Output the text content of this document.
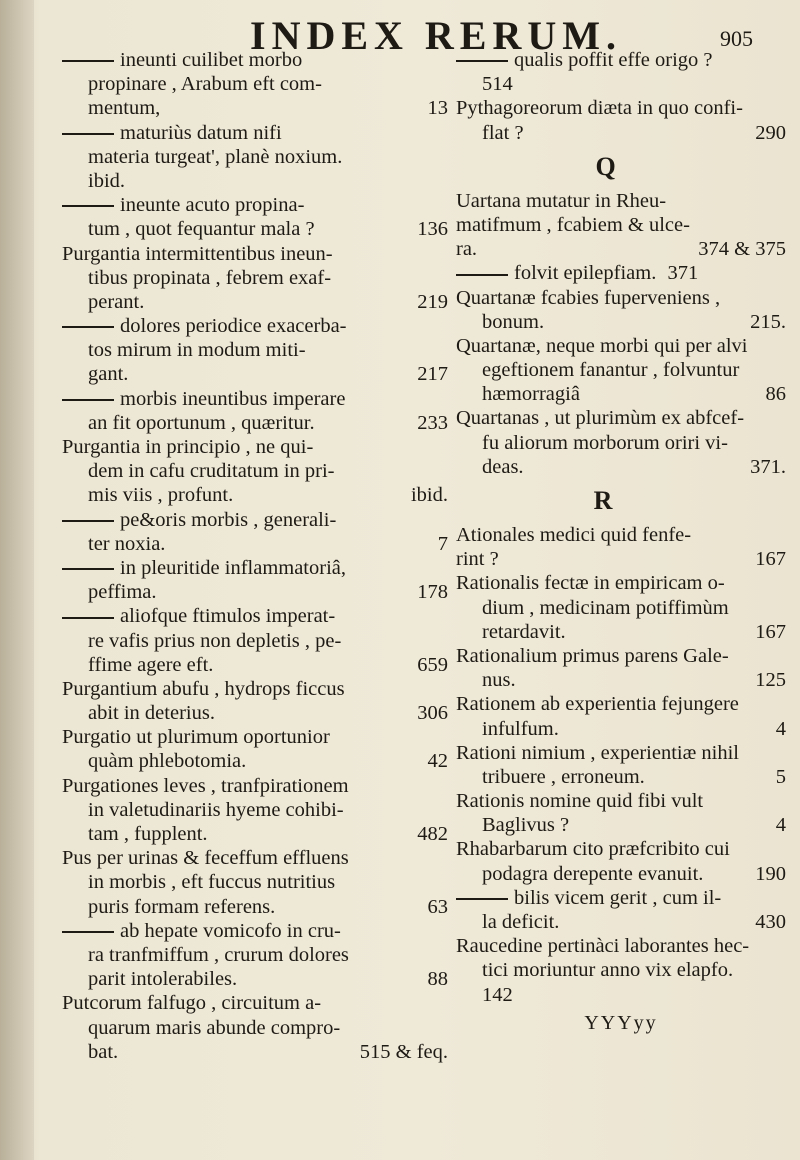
INDEX RERUM.	905
ineunti cuilibet morbo
propinare , Arabum eft com-
13
mentum,
maturiùs datum nifi
materia turgeat', planè noxium.
ibid.
ineunte acuto propina-
136
tum , quot fequantur mala ?
Purgantia intermittentibus ineun-
tibus propinata , febrem exaf-
219
perant.
dolores periodice exacerba-
tos mirum in modum miti-
217
gant.
morbis ineuntibus imperare
233
an fit oportunum , quæritur.
Purgantia in principio , ne qui-
dem in cafu cruditatum in pri-
ibid.
mis viis , profunt.
pe&oris morbis , generali-
7
ter noxia.
in pleuritide inflammatoriâ,
178
peffima.
aliofque ftimulos imperat-
re vafis prius non depletis , pe-
659
ffime agere eft.
Purgantium abufu , hydrops ficcus
306
abit in deterius.
Purgatio ut plurimum oportunior
42
quàm phlebotomia.
Purgationes leves , tranfpirationem
in valetudinariis hyeme cohibi-
482
tam , fupplent.
Pus per urinas & feceffum effluens
in morbis , eft fuccus nutritius
63
puris formam referens.
ab hepate vomicofo in cru-
ra tranfmiffum , crurum dolores
88
parit intolerabiles.
Putcorum falfugo , circuitum a-
quarum maris abunde compro-
515 & feq.
bat.
qualis poffit effe origo ?
514
Pythagoreorum diæta in quo confi-
290
flat ?
Q
Uartana mutatur in Rheu-
matifmum , fcabiem & ulce-
374 & 375
ra.
371
folvit epilepfiam.
Quartanæ fcabies fuperveniens ,
215.
bonum.
Quartanæ, neque morbi qui per alvi
egeftionem fanantur , folvuntur
86
hæmorragiâ
Quartanas , ut plurimùm ex abfcef-
fu aliorum morborum oriri vi-
371.
deas.
R
Ationales medici quid fenfe-
167
rint ?
Rationalis fectæ in empiricam o-
dium , medicinam potiffimùm
167
retardavit.
Rationalium primus parens Gale-
125
nus.
Rationem ab experientia fejungere
4
infulfum.
Rationi nimium , experientiæ nihil
5
tribuere , erroneum.
Rationis nomine quid fibi vult
4
Baglivus ?
Rhabarbarum cito præfcribito cui
190
podagra derepente evanuit.
bilis vicem gerit , cum il-
430
la deficit.
Raucedine pertinàci laborantes hec-
tici moriuntur anno vix elapfo.
142
YYYyy
